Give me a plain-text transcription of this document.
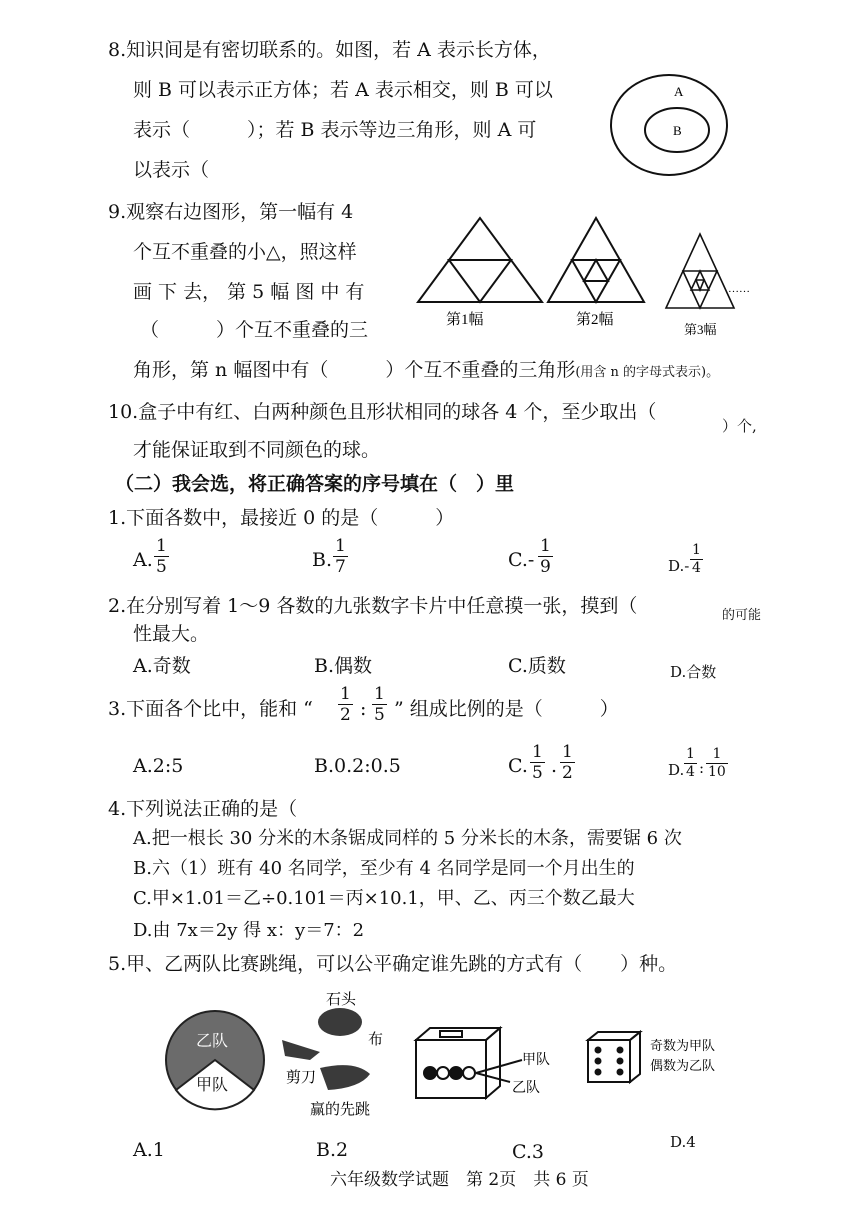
8.知识间是有密切联系的。如图，若 A 表示长方体，
则 B 可以表示正方体；若 A 表示相交，则 B 可以
表示（　　　）；若 B 表示等边三角形，则 A 可
以表示（
A
B
9.观察右边图形，第一幅有 4
个互不重叠的小△，照这样
画 下 去， 第 5 幅 图 中 有
（　　　）个互不重叠的三
角形，第 n 幅图中有（　　　）个互不重叠的三角形(用含 n 的字母式表示)。
第1幅	第2幅
第3幅
……
10.盒子中有红、白两种颜色且形状相同的球各 4 个，至少取出（
）个,
才能保证取到不同颜色的球。
（二）我会选，将正确答案的序号填在（　）里
1.下面各数中，最接近 0 的是（　　　）
A. $\frac{1}{5}$	B. $\frac{1}{7}$	$C.- \frac{1}{9}$	$D.- \frac{1}{4}$
2.在分别写着 1～9 各数的九张数字卡片中任意摸一张，摸到（	的可能
性最大。
A.奇数	B.偶数	C.质数	D.合数
3.下面各个比中，能和 “ $\frac{1}{2}$ : $\frac{1}{5}$ ” 组成比例的是（　　　）
A.2:5	B.0.2:0.5	C. $\frac{1}{5}$ . $\frac{1}{2}$	D. $\frac{1}{4}$ : $\frac{1}{10}$
4.下列说法正确的是（
A.把一根长 30 分米的木条锯成同样的 5 分米长的木条，需要锯 6 次
B.六（1）班有 40 名同学，至少有 4 名同学是同一个月出生的
C.甲×1.01＝乙÷0.101＝丙×10.1，甲、乙、丙三个数乙最大
D.由 7x＝2y 得 x：y＝7：2
5.甲、乙两队比赛跳绳，可以公平确定谁先跳的方式有（　　）种。
乙队
甲队
石头
剪刀
布
赢的先跳
甲队
乙队
奇数为甲队
偶数为乙队
A.1	B.2	C.3	D.4
六年级数学试题　第 2页　共 6 页
